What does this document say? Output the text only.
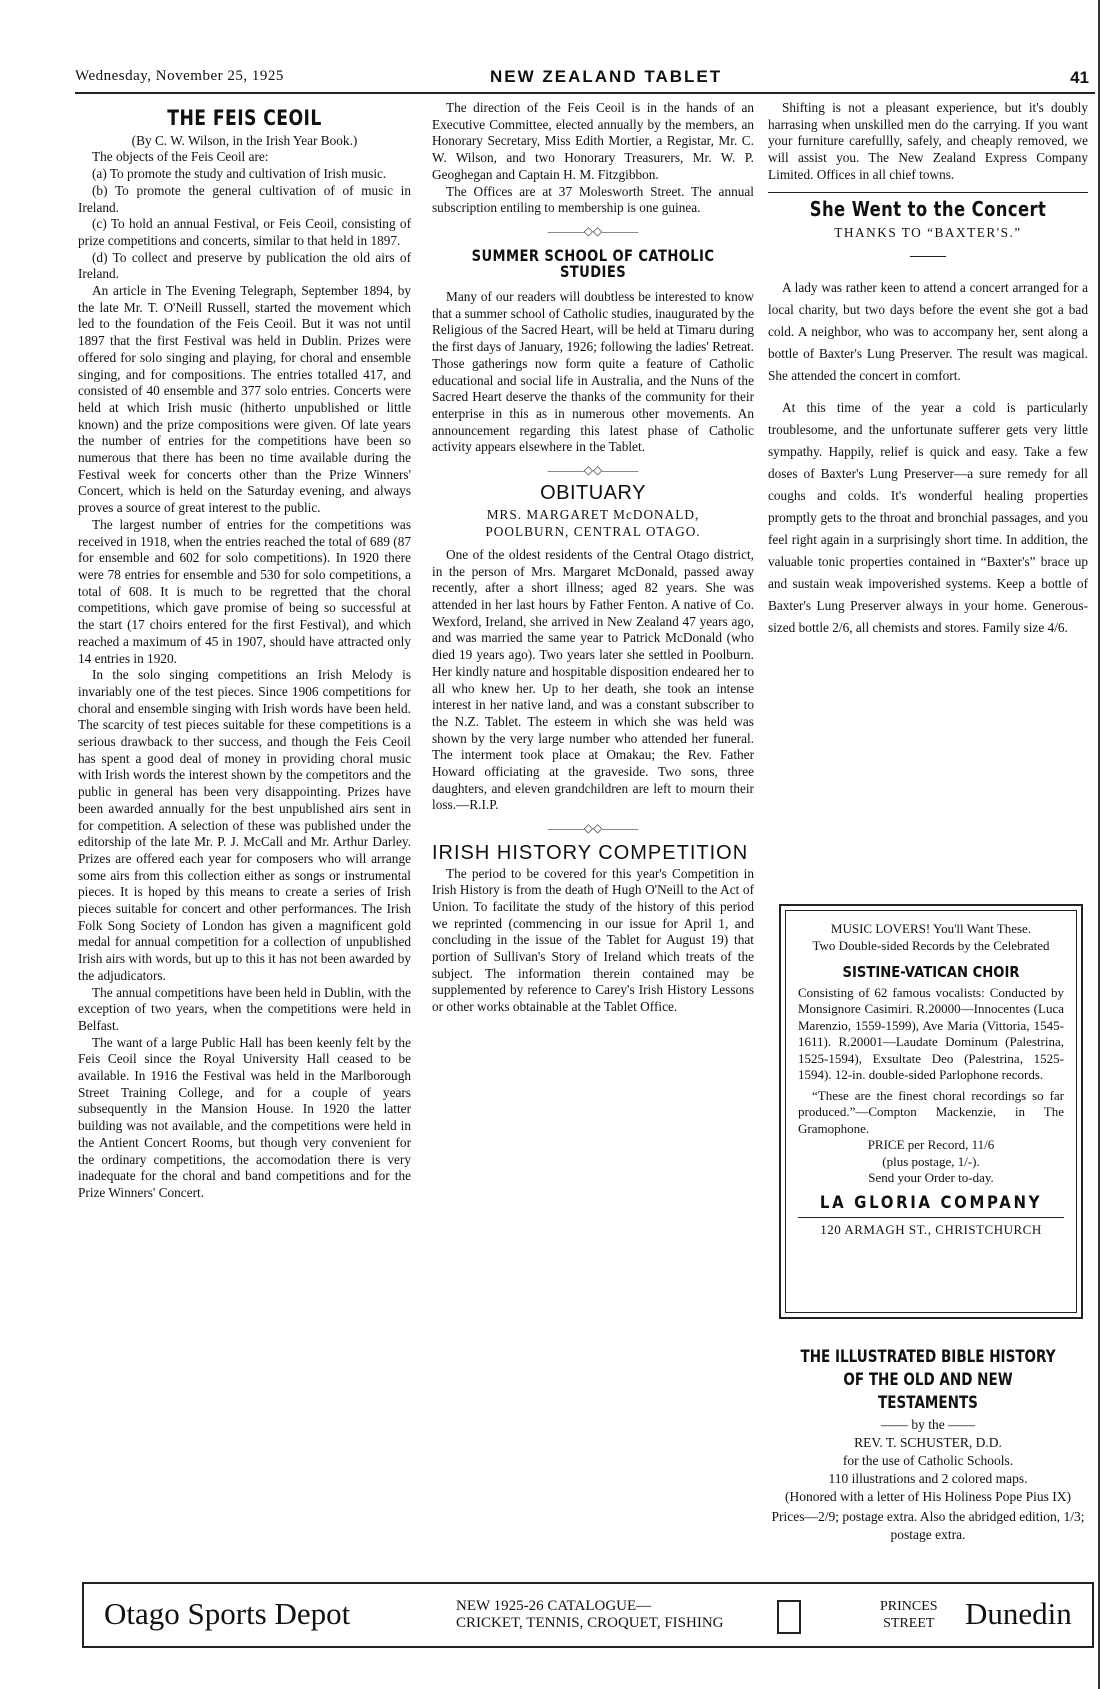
Wednesday, November 25, 1925	NEW ZEALAND TABLET	41
THE FEIS CEOIL

(By C. W. Wilson, in the Irish Year Book.)

The objects of the Feis Ceoil are:

(a) To promote the study and cultivation of Irish music.

(b) To promote the general cultivation of of music in Ireland.

(c) To hold an annual Festival, or Feis Ceoil, consisting of prize competitions and concerts, similar to that held in 1897.

(d) To collect and preserve by publication the old airs of Ireland.

An article in The Evening Telegraph, September 1894, by the late Mr. T. O'Neill Russell, started the movement which led to the foundation of the Feis Ceoil. But it was not until 1897 that the first Festival was held in Dublin. Prizes were offered for solo singing and playing, for choral and ensemble singing, and for compositions. The entries totalled 417, and consisted of 40 ensemble and 377 solo entries. Concerts were held at which Irish music (hitherto unpublished or little known) and the prize compositions were given. Of late years the number of entries for the competitions have been so numerous that there has been no time available during the Festival week for concerts other than the Prize Winners' Concert, which is held on the Saturday evening, and always proves a source of great interest to the public.

The largest number of entries for the competitions was received in 1918, when the entries reached the total of 689 (87 for ensemble and 602 for solo competitions). In 1920 there were 78 entries for ensemble and 530 for solo competitions, a total of 608. It is much to be regretted that the choral competitions, which gave promise of being so successful at the start (17 choirs entered for the first Festival), and which reached a maximum of 45 in 1907, should have attracted only 14 entries in 1920.

In the solo singing competitions an Irish Melody is invariably one of the test pieces. Since 1906 competitions for choral and ensemble singing with Irish words have been held. The scarcity of test pieces suitable for these competitions is a serious drawback to ther success, and though the Feis Ceoil has spent a good deal of money in providing choral music with Irish words the interest shown by the competitors and the public in general has been very disappointing. Prizes have been awarded annually for the best unpublished airs sent in for competition. A selection of these was published under the editorship of the late Mr. P. J. McCall and Mr. Arthur Darley. Prizes are offered each year for composers who will arrange some airs from this collection either as songs or instrumental pieces. It is hoped by this means to create a series of Irish pieces suitable for concert and other performances. The Irish Folk Song Society of London has given a magnificent gold medal for annual competition for a collection of unpublished Irish airs with words, but up to this it has not been awarded by the adjudicators.

The annual competitions have been held in Dublin, with the exception of two years, when the competitions were held in Belfast.

The want of a large Public Hall has been keenly felt by the Feis Ceoil since the Royal University Hall ceased to be available. In 1916 the Festival was held in the Marlborough Street Training College, and for a couple of years subsequently in the Mansion House. In 1920 the latter building was not available, and the competitions were held in the Antient Concert Rooms, but though very convenient for the ordinary competitions, the accomodation there is very inadequate for the choral and band competitions and for the Prize Winners' Concert.

The direction of the Feis Ceoil is in the hands of an Executive Committee, elected annually by the members, an Honorary Secretary, Miss Edith Mortier, a Registar, Mr. C. W. Wilson, and two Honorary Treasurers, Mr. W. P. Geoghegan and Captain H. M. Fitzgibbon.

The Offices are at 37 Molesworth Street. The annual subscription entiling to membership is one guinea.

———◇◇———
SUMMER SCHOOL OF CATHOLIC STUDIES

Many of our readers will doubtless be interested to know that a summer school of Catholic studies, inaugurated by the Religious of the Sacred Heart, will be held at Timaru during the first days of January, 1926; following the ladies' Retreat. Those gatherings now form quite a feature of Catholic educational and social life in Australia, and the Nuns of the Sacred Heart deserve the thanks of the community for their enterprise in this as in numerous other movements. An announcement regarding this latest phase of Catholic activity appears elsewhere in the Tablet.

———◇◇———
OBITUARY
MRS. MARGARET McDONALD,
POOLBURN, CENTRAL OTAGO.

One of the oldest residents of the Central Otago district, in the person of Mrs. Margaret McDonald, passed away recently, after a short illness; aged 82 years. She was attended in her last hours by Father Fenton. A native of Co. Wexford, Ireland, she arrived in New Zealand 47 years ago, and was married the same year to Patrick McDonald (who died 19 years ago). Two years later she settled in Poolburn. Her kindly nature and hospitable disposition endeared her to all who knew her. Up to her death, she took an intense interest in her native land, and was a constant subscriber to the N.Z. Tablet. The esteem in which she was held was shown by the very large number who attended her funeral. The interment took place at Omakau; the Rev. Father Howard officiating at the graveside. Two sons, three daughters, and eleven grandchildren are left to mourn their loss.—R.I.P.

———◇◇———
IRISH HISTORY COMPETITION

The period to be covered for this year's Competition in Irish History is from the death of Hugh O'Neill to the Act of Union. To facilitate the study of the history of this period we reprinted (commencing in our issue for April 1, and concluding in the issue of the Tablet for August 19) that portion of Sullivan's Story of Ireland which treats of the subject. The information therein contained may be supplemented by reference to Carey's Irish History Lessons or other works obtainable at the Tablet Office.

Shifting is not a pleasant experience, but it's doubly harrasing when unskilled men do the carrying. If you want your furniture carefullly, safely, and cheaply removed, we will assist you. The New Zealand Express Company Limited. Offices in all chief towns.

She Went to the Concert
THANKS TO “BAXTER'S.”

A lady was rather keen to attend a concert arranged for a local charity, but two days before the event she got a bad cold. A neighbor, who was to accompany her, sent along a bottle of Baxter's Lung Preserver. The result was magical. She attended the concert in comfort.

At this time of the year a cold is particularly troublesome, and the unfortunate sufferer gets very little sympathy. Happily, relief is quick and easy. Take a few doses of Baxter's Lung Preserver—a sure remedy for all coughs and colds. It's wonderful healing properties promptly gets to the throat and bronchial passages, and you feel right again in a surprisingly short time. In addition, the valuable tonic properties contained in “Baxter's” brace up and sustain weak impoverished systems. Keep a bottle of Baxter's Lung Preserver always in your home. Generous-sized bottle 2/6, all chemists and stores. Family size 4/6.

MUSIC LOVERS! You'll Want These.

Two Double-sided Records by the Celebrated

SISTINE-VATICAN CHOIR

Consisting of 62 famous vocalists: Conducted by Monsignore Casimiri. R.20000—Innocentes (Luca Marenzio, 1559-1599), Ave Maria (Vittoria, 1545-1611). R.20001—Laudate Dominum (Palestrina, 1525-1594), Exsultate Deo (Palestrina, 1525-1594). 12-in. double-sided Parlophone records.

“These are the finest choral recordings so far produced.”—Compton Mackenzie, in The Gramophone.

PRICE per Record, 11/6

(plus postage, 1/-).

Send your Order to-day.

LA GLORIA COMPANY

120 ARMAGH ST., CHRISTCHURCH

THE ILLUSTRATED BIBLE HISTORY OF THE OLD AND NEW TESTAMENTS

—— by the ——

REV. T. SCHUSTER, D.D.

for the use of Catholic Schools.

110 illustrations and 2 colored maps.

(Honored with a letter of His Holiness Pope Pius IX)

Prices—2/9; postage extra. Also the abridged edition, 1/3; postage extra.

Otago Sports Depot	NEW 1925-26 CATALOGUE—
CRICKET, TENNIS, CROQUET, FISHING
PRINCES
STREET Dunedin
